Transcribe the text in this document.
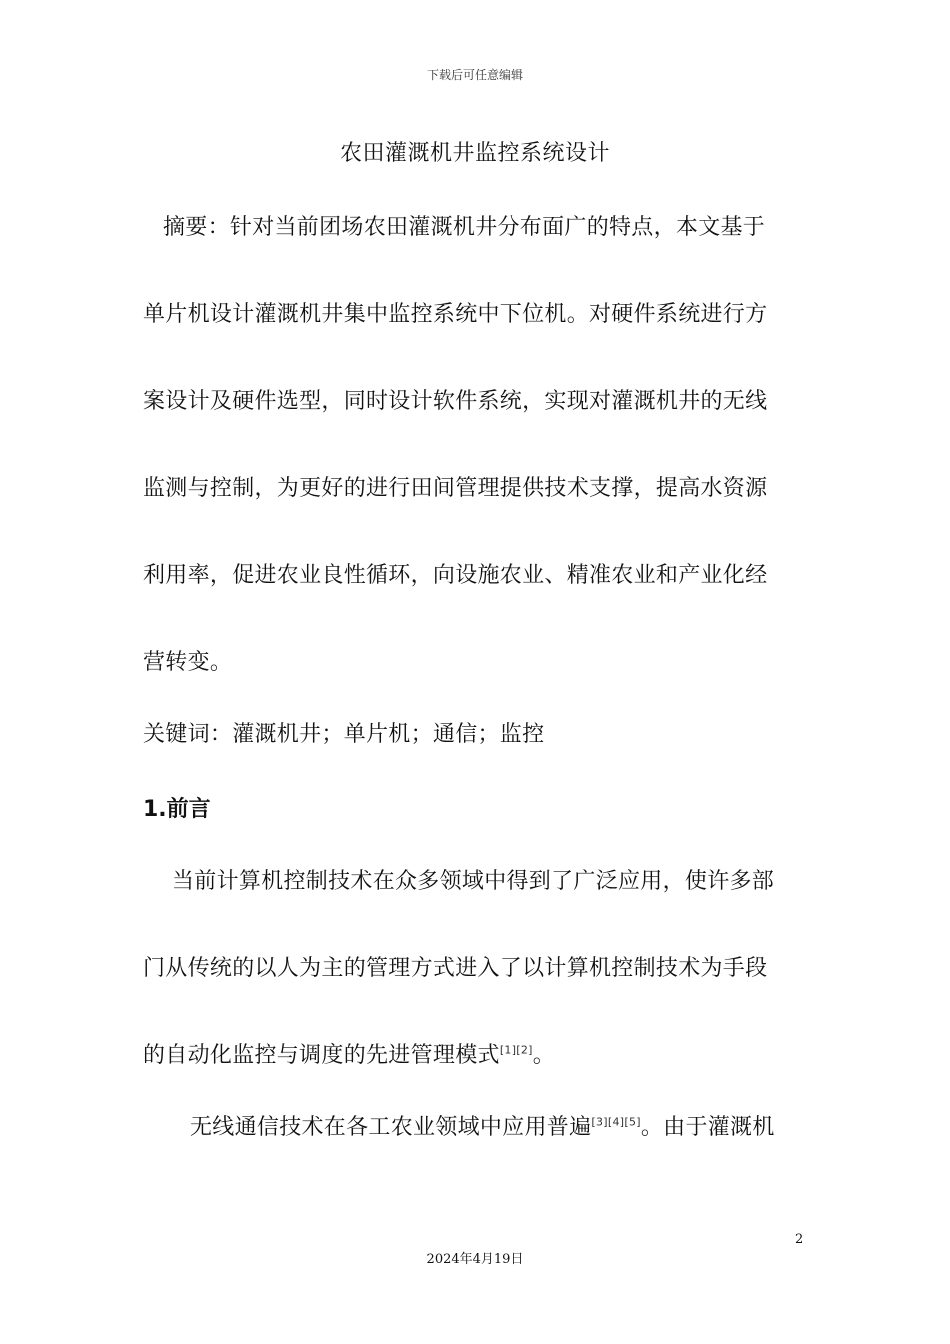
下载后可任意编辑
农田灌溉机井监控系统设计
摘要：针对当前团场农田灌溉机井分布面广的特点，本文基于
单片机设计灌溉机井集中监控系统中下位机。对硬件系统进行方
案设计及硬件选型，同时设计软件系统，实现对灌溉机井的无线
监测与控制，为更好的进行田间管理提供技术支撑，提高水资源
利用率，促进农业良性循环，向设施农业、精准农业和产业化经
营转变。
关键词：灌溉机井；单片机；通信；监控
1.前言
当前计算机控制技术在众多领域中得到了广泛应用，使许多部
门从传统的以人为主的管理方式进入了以计算机控制技术为手段
的自动化监控与调度的先进管理模式[1][2]。
无线通信技术在各工农业领域中应用普遍[3][4][5]。由于灌溉机
2
2024年4月19日
